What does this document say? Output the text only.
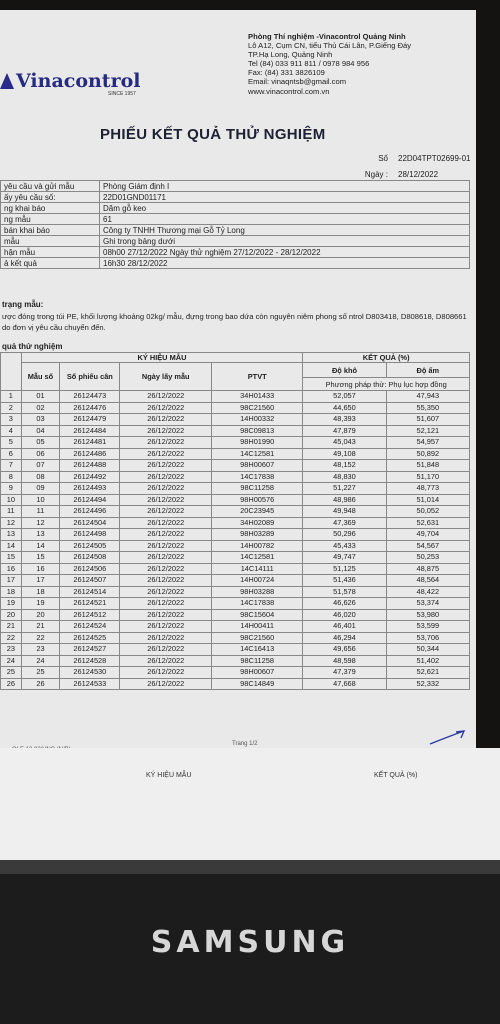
Phòng Thí nghiệm -Vinacontrol Quảng Ninh
Lô A12, Cụm CN, tiểu Thủ Cái Lân, P.Giếng Đáy
TP.Hạ Long, Quảng Ninh
Tel (84) 033 911 811 / 0978 984 956
Fax: (84) 331 3826109
Email: vinaqntsb@gmail.com
www.vinacontrol.com.vn
Vinacontrol
SINCE 1957
PHIẾU KẾT QUẢ THỬ NGHIỆM
Số	22D04TPT02699-01
Ngày :	28/12/2022
yêu cầu và gửi mẫu	Phòng Giám định I
ấy yêu cầu số:	22D01GND01171
ng khai báo	Dăm gỗ keo
ng mẫu	61
bán khai báo	Công ty TNHH Thương mại Gỗ Tỷ Long
mẫu	Ghi trong bảng dưới
hận mẫu	08h00 27/12/2022 Ngày thử nghiệm 27/12/2022 - 28/12/2022
ả kết quả	16h30 28/12/2022
trạng mẫu:
ược đóng trong túi PE, khối lượng khoảng 02kg/ mẫu, đựng trong bao dứa còn nguyên niêm phong số ntrol D803418, D808618, D808661 do đơn vị yêu cầu chuyển đến.
quả thử nghiệm
	KÝ HIỆU MẪU				KẾT QUẢ (%)	
	Mẫu số	Số phiếu cân	Ngày lấy mẫu	PTVT	Độ khô	Độ ẩm
					Phương pháp thử: Phụ lục hợp đồng	
1	01	26124473	26/12/2022	34H01433	52,057	47,943
2	02	26124476	26/12/2022	98C21560	44,650	55,350
3	03	26124479	26/12/2022	14H00332	48,393	51,607
4	04	26124484	26/12/2022	98C09813	47,879	52,121
5	05	26124481	26/12/2022	98H01990	45,043	54,957
6	06	26124486	26/12/2022	14C12581	49,108	50,892
7	07	26124488	26/12/2022	98H00607	48,152	51,848
8	08	26124492	26/12/2022	14C17838	48,830	51,170
9	09	26124493	26/12/2022	98C11258	51,227	48,773
10	10	26124494	26/12/2022	98H00576	48,986	51,014
11	11	26124496	26/12/2022	20C23945	49,948	50,052
12	12	26124504	26/12/2022	34H02089	47,369	52,631
13	13	26124498	26/12/2022	98H03289	50,296	49,704
14	14	26124505	26/12/2022	14H00782	45,433	54,567
15	15	26124508	26/12/2022	14C12581	49,747	50,253
16	16	26124506	26/12/2022	14C14111	51,125	48,875
17	17	26124507	26/12/2022	14H00724	51,436	48,564
18	18	26124514	26/12/2022	98H03288	51,578	48,422
19	19	26124521	26/12/2022	14C17838	46,626	53,374
20	20	26124512	26/12/2022	98C15604	46,020	53,980
21	21	26124524	26/12/2022	14H00411	46,401	53,599
22	22	26124525	26/12/2022	98C21560	46,294	53,706
23	23	26124527	26/12/2022	14C16413	49,656	50,344
24	24	26124528	26/12/2022	98C11258	48,598	51,402
25	25	26124530	26/12/2022	98H00607	47,379	52,621
26	26	26124533	26/12/2022	98C14849	47,668	52,332
Trang 1/2
KÝ HIỆU MẪU	KẾT QUẢ (%)
SAMSUNG
